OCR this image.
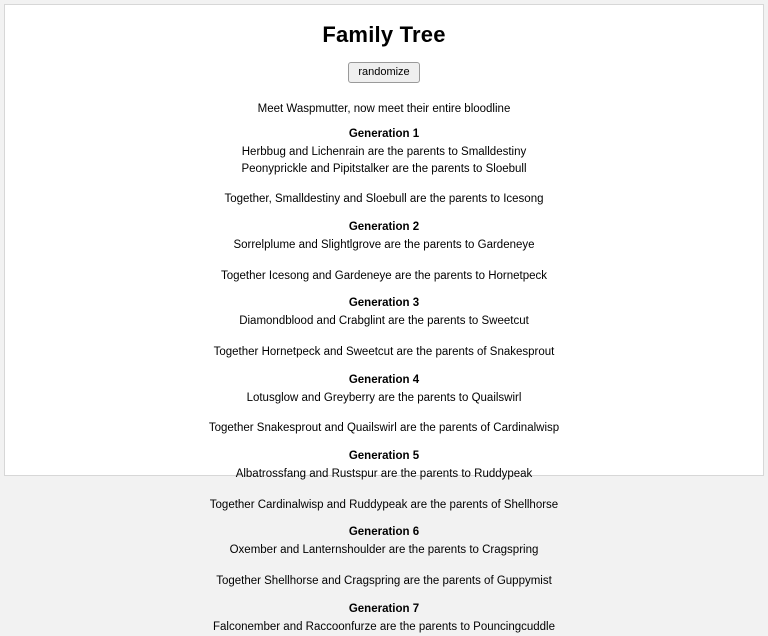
Family Tree
randomize

Meet Waspmutter, now meet their entire bloodline

Generation 1
Herbbug and Lichenrain are the parents to Smalldestiny
Peonyprickle and Pipitstalker are the parents to Sloebull
Together, Smalldestiny and Sloebull are the parents to Icesong
Generation 2
Sorrelplume and Slightlgrove are the parents to Gardeneye
Together Icesong and Gardeneye are the parents to Hornetpeck
Generation 3
Diamondblood and Crabglint are the parents to Sweetcut
Together Hornetpeck and Sweetcut are the parents of Snakesprout
Generation 4
Lotusglow and Greyberry are the parents to Quailswirl
Together Snakesprout and Quailswirl are the parents of Cardinalwisp
Generation 5
Albatrossfang and Rustspur are the parents to Ruddypeak
Together Cardinalwisp and Ruddypeak are the parents of Shellhorse
Generation 6
Oxember and Lanternshoulder are the parents to Cragspring
Together Shellhorse and Cragspring are the parents of Guppymist
Generation 7
Falconember and Raccoonfurze are the parents to Pouncingcuddle
